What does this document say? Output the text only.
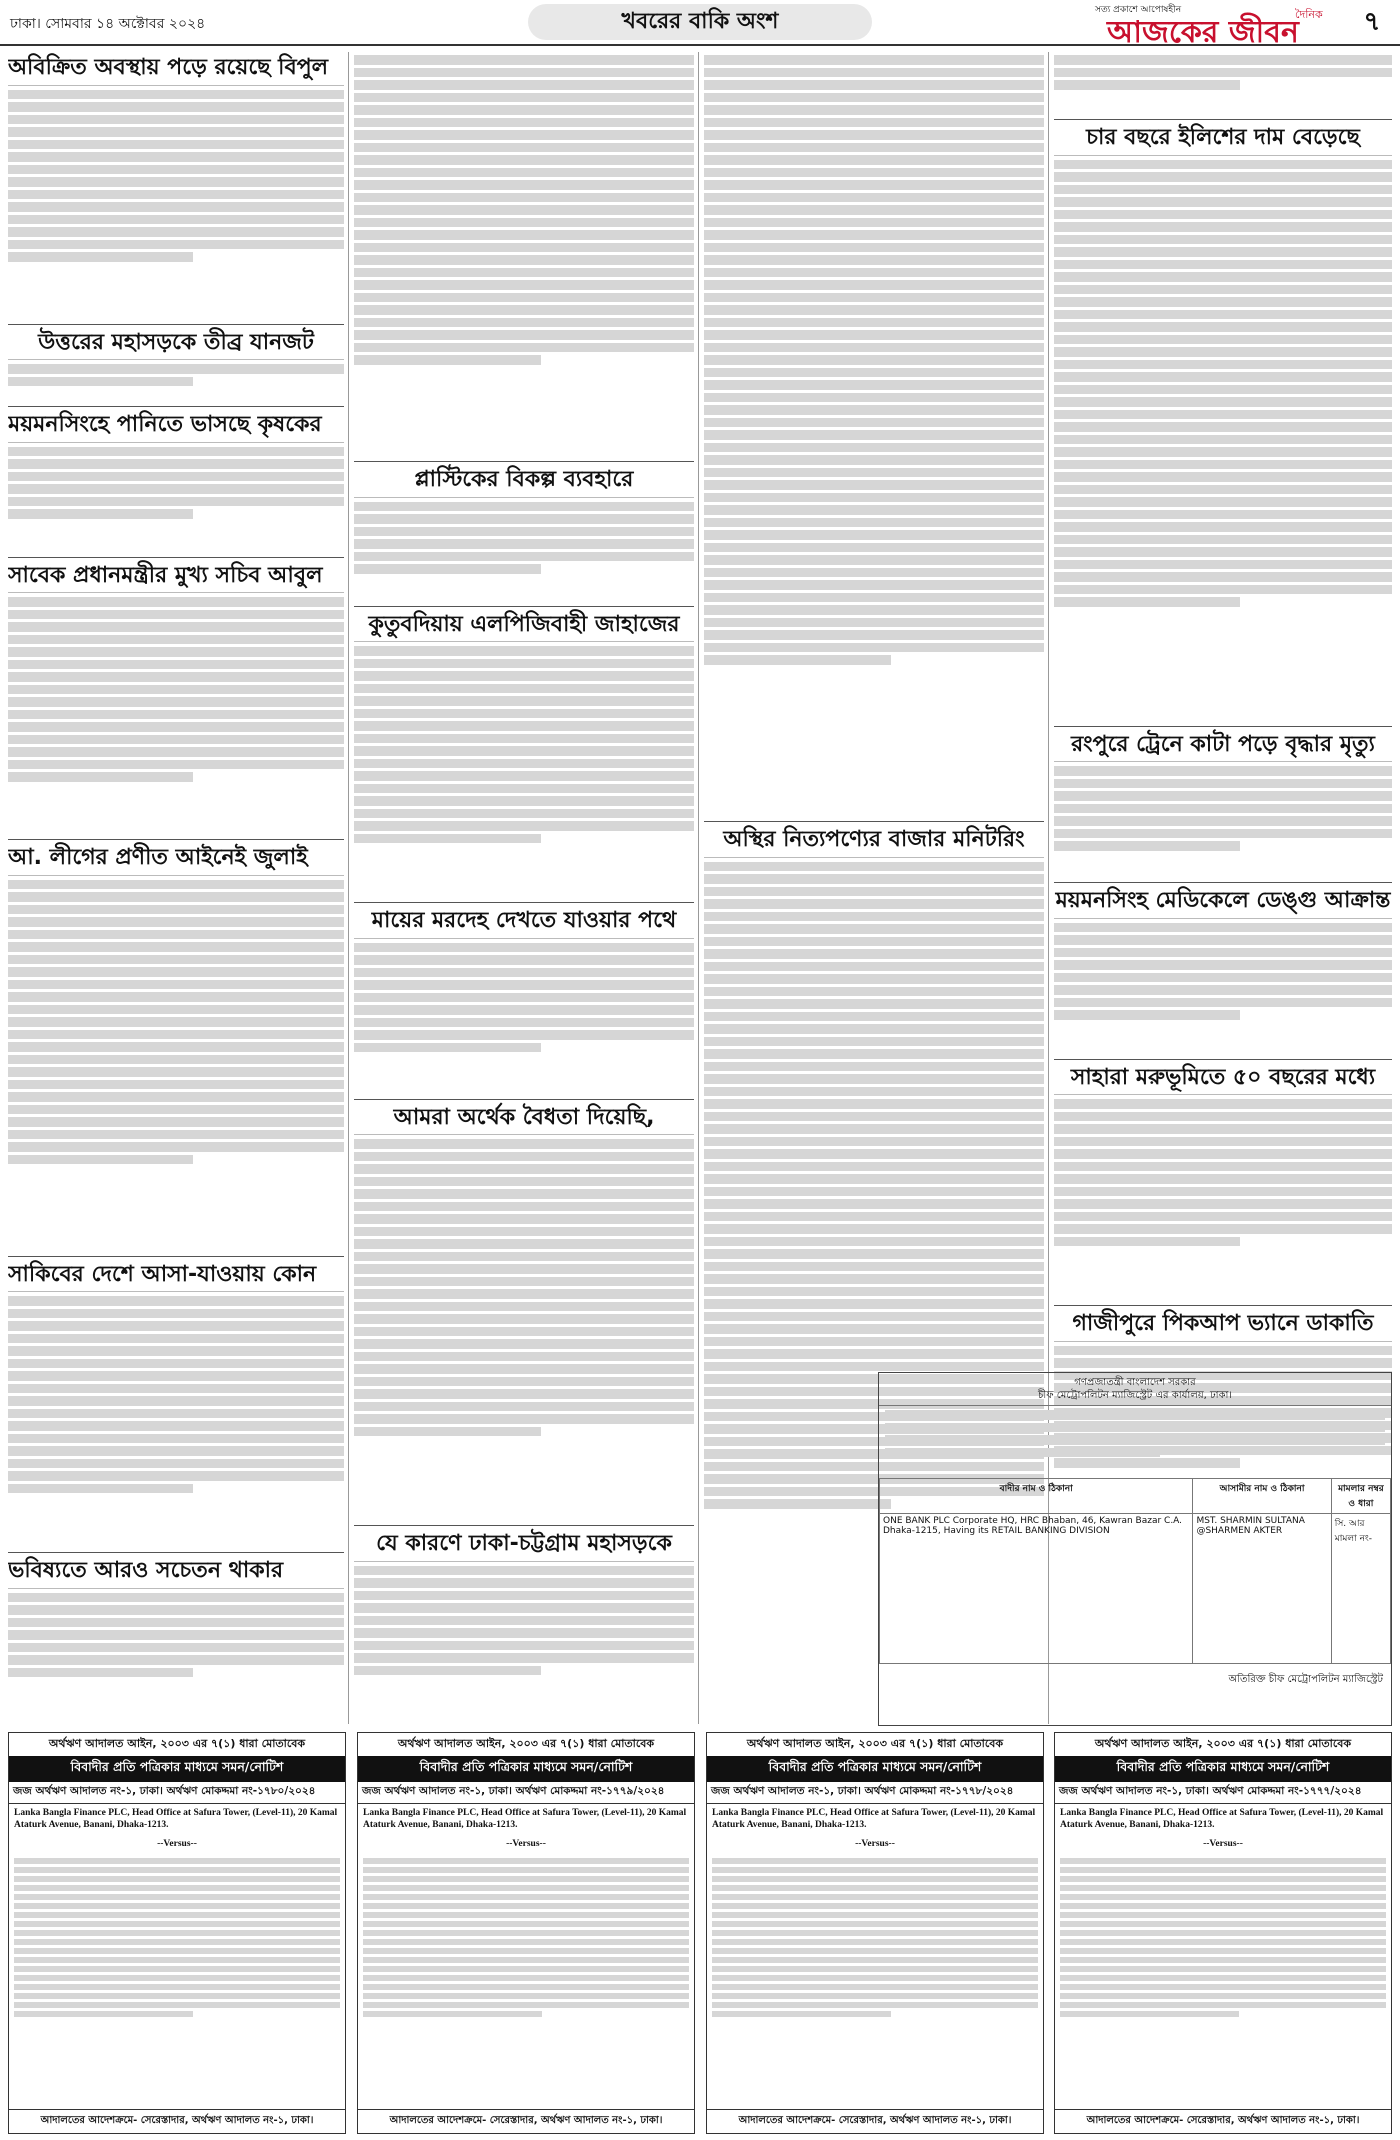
ঢাকা। সোমবার ১৪ অক্টোবর ২০২৪	খবরের বাকি অংশ	সত্য প্রকাশে আপোষহীন
আজকের জীবন
দৈনিক	৭
অবিক্রিত অবস্থায় পড়ে রয়েছে বিপুল
উত্তরের মহাসড়কে তীব্র যানজট
ময়মনসিংহে পানিতে ভাসছে কৃষকের
সাবেক প্রধানমন্ত্রীর মুখ্য সচিব আবুল
আ. লীগের প্রণীত আইনেই জুলাই
সাকিবের দেশে আসা-যাওয়ায় কোন
ভবিষ্যতে আরও সচেতন থাকার
প্লাস্টিকের বিকল্প ব্যবহারে
কুতুবদিয়ায় এলপিজিবাহী জাহাজের
মায়ের মরদেহ দেখতে যাওয়ার পথে
আমরা অর্থেক বৈধতা দিয়েছি,
যে কারণে ঢাকা-চট্টগ্রাম মহাসড়কে
অস্থির নিত্যপণ্যের বাজার মনিটরিং
চার বছরে ইলিশের দাম বেড়েছে
রংপুরে ট্রেনে কাটা পড়ে বৃদ্ধার মৃত্যু
ময়মনসিংহ মেডিকেলে ডেঙ্গু আক্রান্ত
সাহারা মরুভূমিতে ৫০ বছরের মধ্যে
গাজীপুরে পিকআপ ভ্যানে ডাকাতি
গণপ্রজাতন্ত্রী বাংলাদেশ সরকার
চীফ মেট্রোপলিটন ম্যাজিস্ট্রেট এর কার্যালয়, ঢাকা।
বাদীর নাম ও ঠিকানা	আসামীর নাম ও ঠিকানা	মামলার নম্বর ও ধারা
ONE BANK PLC Corporate HQ, HRC Bhaban, 46, Kawran Bazar C.A. Dhaka-1215, Having its RETAIL BANKING DIVISION	MST. SHARMIN SULTANA @SHARMEN AKTER	সি. আর মামলা নং-
অতিরিক্ত চীফ মেট্রোপলিটন ম্যাজিস্ট্রেট
অর্থঋণ আদালত আইন, ২০০৩ এর ৭(১) ধারা মোতাবেক
বিবাদীর প্রতি পত্রিকার মাধ্যমে সমন/নোটিশ
জজ অর্থঋণ আদালত নং-১, ঢাকা। অর্থঋণ মোকদ্দমা নং-১৭৮০/২০২৪
Lanka Bangla Finance PLC, Head Office at Safura Tower, (Level-11), 20 Kamal Ataturk Avenue, Banani, Dhaka-1213.
--Versus--
আদালতের আদেশক্রমে- সেরেস্তাদার, অর্থঋণ আদালত নং-১, ঢাকা।
অর্থঋণ আদালত আইন, ২০০৩ এর ৭(১) ধারা মোতাবেক
বিবাদীর প্রতি পত্রিকার মাধ্যমে সমন/নোটিশ
জজ অর্থঋণ আদালত নং-১, ঢাকা। অর্থঋণ মোকদ্দমা নং-১৭৭৯/২০২৪
Lanka Bangla Finance PLC, Head Office at Safura Tower, (Level-11), 20 Kamal Ataturk Avenue, Banani, Dhaka-1213.
--Versus--
আদালতের আদেশক্রমে- সেরেস্তাদার, অর্থঋণ আদালত নং-১, ঢাকা।
অর্থঋণ আদালত আইন, ২০০৩ এর ৭(১) ধারা মোতাবেক
বিবাদীর প্রতি পত্রিকার মাধ্যমে সমন/নোটিশ
জজ অর্থঋণ আদালত নং-১, ঢাকা। অর্থঋণ মোকদ্দমা নং-১৭৭৮/২০২৪
Lanka Bangla Finance PLC, Head Office at Safura Tower, (Level-11), 20 Kamal Ataturk Avenue, Banani, Dhaka-1213.
--Versus--
আদালতের আদেশক্রমে- সেরেস্তাদার, অর্থঋণ আদালত নং-১, ঢাকা।
অর্থঋণ আদালত আইন, ২০০৩ এর ৭(১) ধারা মোতাবেক
বিবাদীর প্রতি পত্রিকার মাধ্যমে সমন/নোটিশ
জজ অর্থঋণ আদালত নং-১, ঢাকা। অর্থঋণ মোকদ্দমা নং-১৭৭৭/২০২৪
Lanka Bangla Finance PLC, Head Office at Safura Tower, (Level-11), 20 Kamal Ataturk Avenue, Banani, Dhaka-1213.
--Versus--
আদালতের আদেশক্রমে- সেরেস্তাদার, অর্থঋণ আদালত নং-১, ঢাকা।
